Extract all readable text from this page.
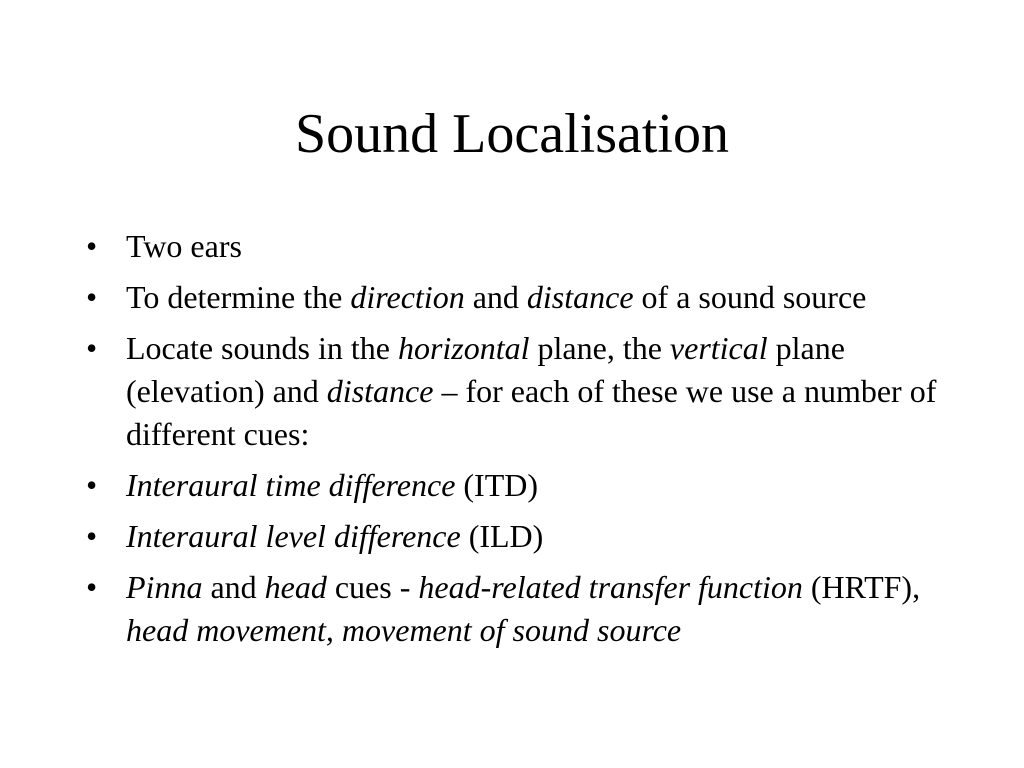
Sound Localisation
• Two ears
• To determine the direction and distance of a sound source
• Locate sounds in the horizontal plane, the vertical plane (elevation) and distance – for each of these we use a number of different cues:
• Interaural time difference (ITD)
• Interaural level difference (ILD)
• Pinna and head cues - head-related transfer function (HRTF), head movement, movement of sound source
